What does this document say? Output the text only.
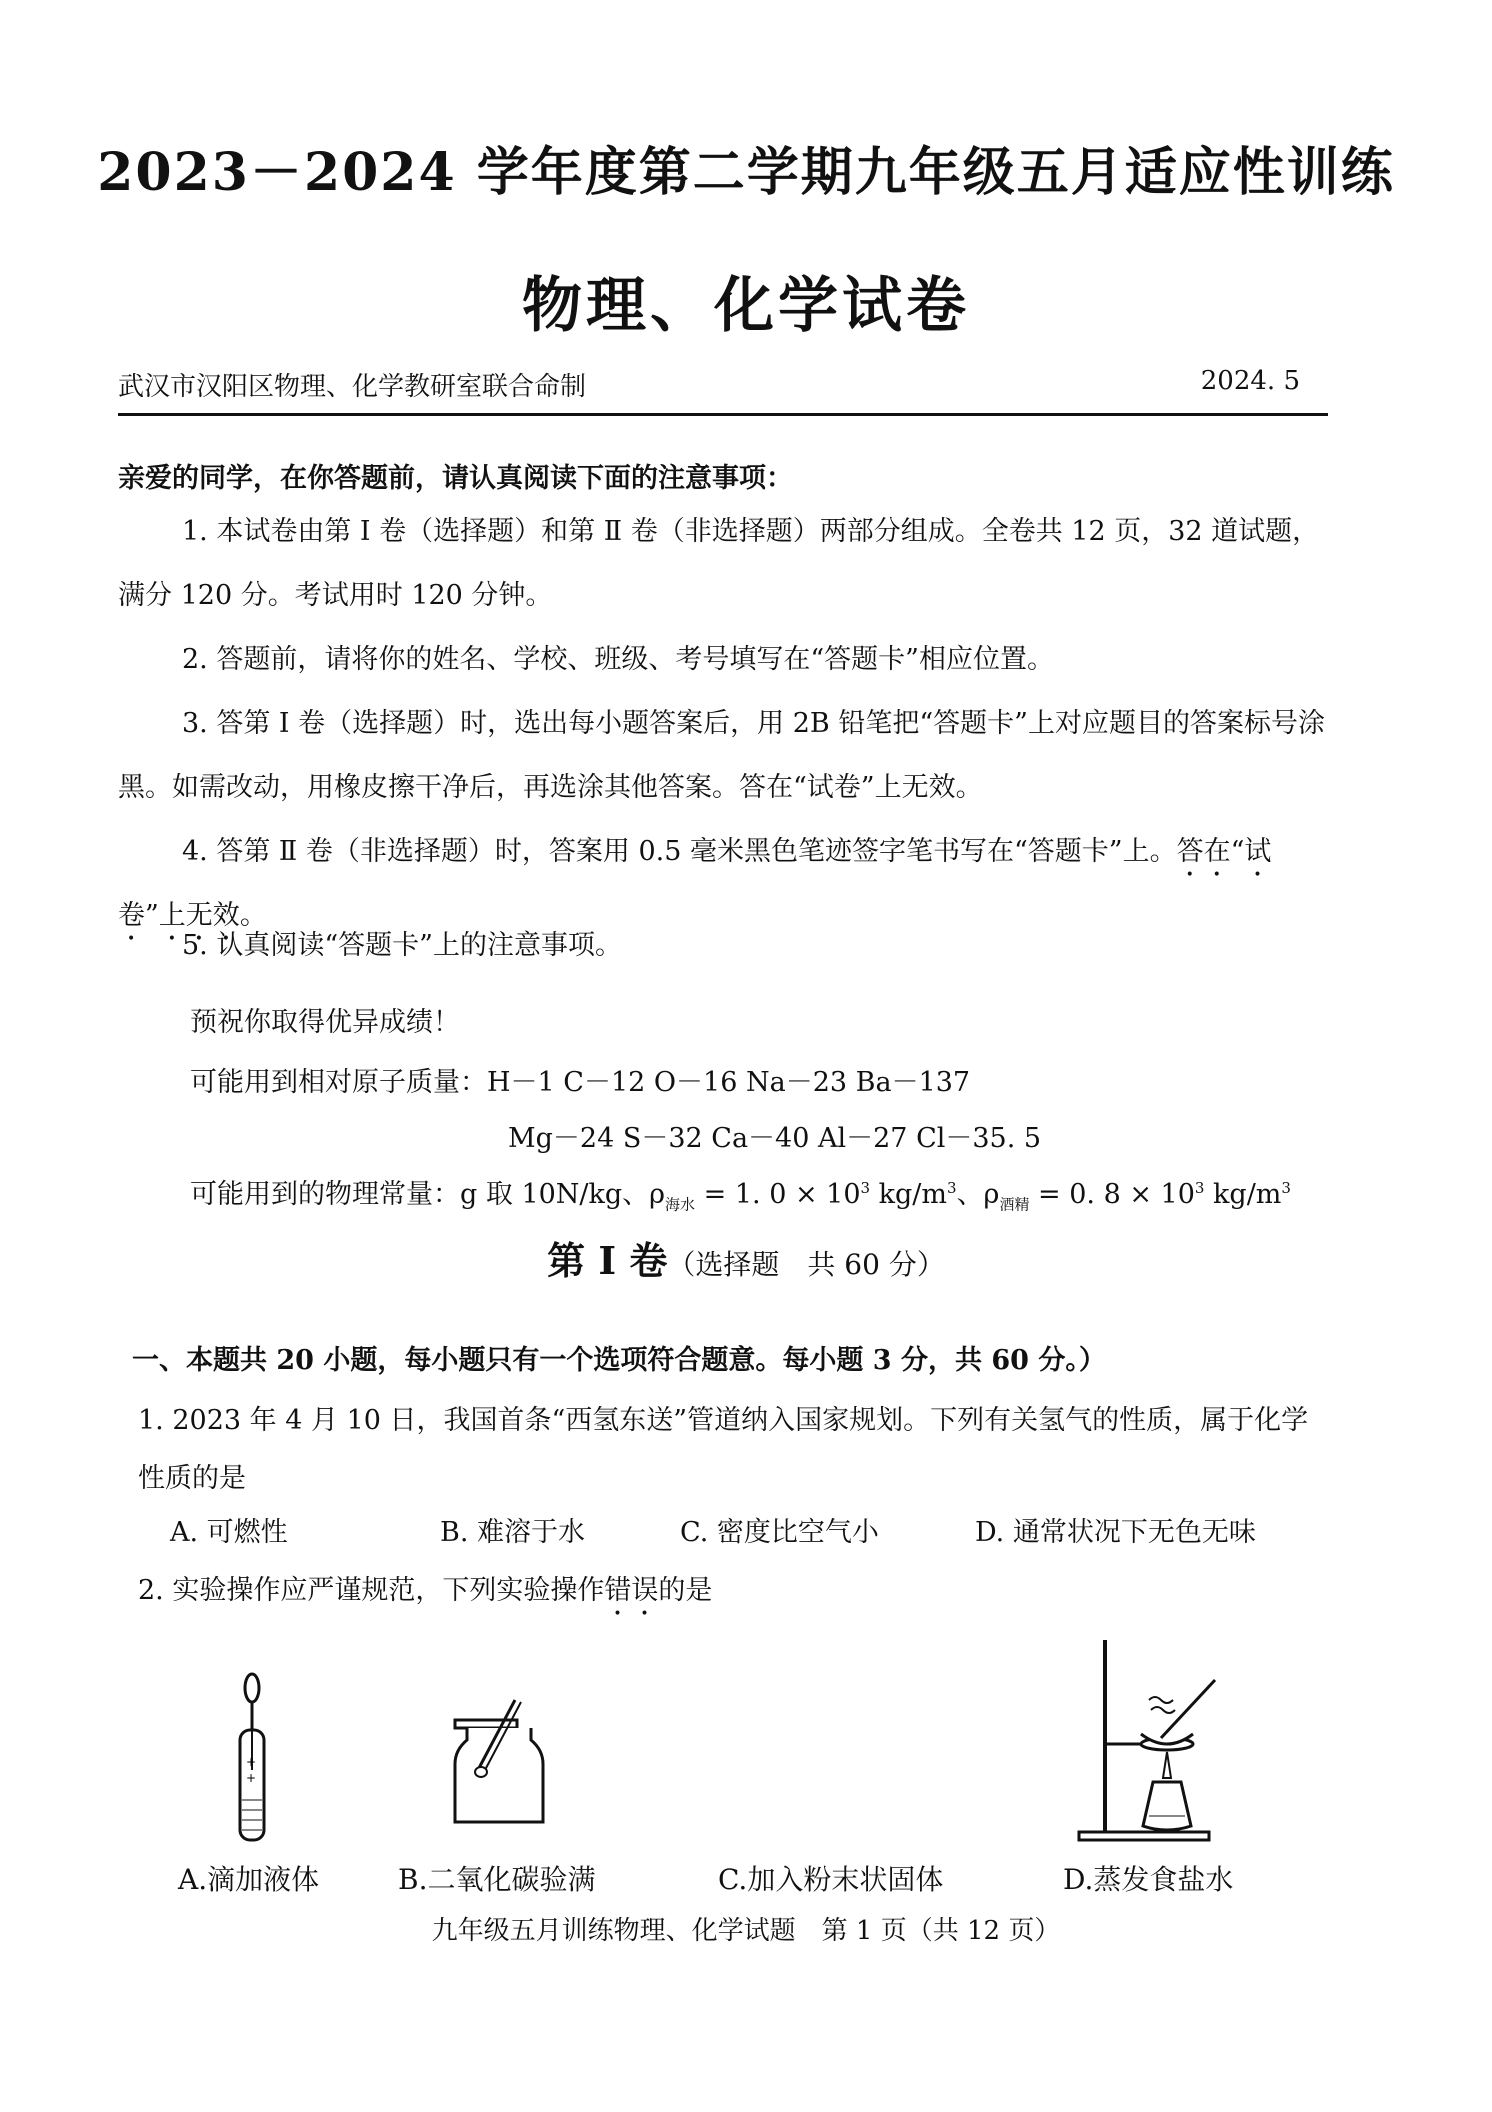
2023－2024 学年度第二学期九年级五月适应性训练
物理、化学试卷
武汉市汉阳区物理、化学教研室联合命制	2024. 5
亲爱的同学，在你答题前，请认真阅读下面的注意事项：
1. 本试卷由第 Ⅰ 卷（选择题）和第 Ⅱ 卷（非选择题）两部分组成。全卷共 12 页，32 道试题，满分 120 分。考试用时 120 分钟。
2. 答题前，请将你的姓名、学校、班级、考号填写在“答题卡”相应位置。
3. 答第 Ⅰ 卷（选择题）时，选出每小题答案后，用 2B 铅笔把“答题卡”上对应题目的答案标号涂黑。如需改动，用橡皮擦干净后，再选涂其他答案。答在“试卷”上无效。
4. 答第 Ⅱ 卷（非选择题）时，答案用 0.5 毫米黑色笔迹签字笔书写在“答题卡”上。答在“试卷”上无效。
5. 认真阅读“答题卡”上的注意事项。
预祝你取得优异成绩！
可能用到相对原子质量：H－1 C－12 O－16 Na－23 Ba－137
Mg－24 S－32 Ca－40 Al－27 Cl－35. 5
可能用到的物理常量：g 取 10N/kg、$\rho_{海水} = 1$. $0 \times 10^3$ $kg/m^3$、$\rho_{酒精} = 0$. $8 \times 10^3$ $kg/m^3$
第 Ⅰ 卷（选择题　共 60 分）
一、本题共 20 小题，每小题只有一个选项符合题意。每小题 3 分，共 60 分。）
1. 2023 年 4 月 10 日，我国首条“西氢东送”管道纳入国家规划。下列有关氢气的性质，属于化学性质的是
A. 可燃性	B. 难溶于水	C. 密度比空气小	D. 通常状况下无色无味
2. 实验操作应严谨规范，下列实验操作错误的是
+
+
A.滴加液体	B.二氧化碳验满	C.加入粉末状固体	D.蒸发食盐水
九年级五月训练物理、化学试题　第 1 页（共 12 页）
